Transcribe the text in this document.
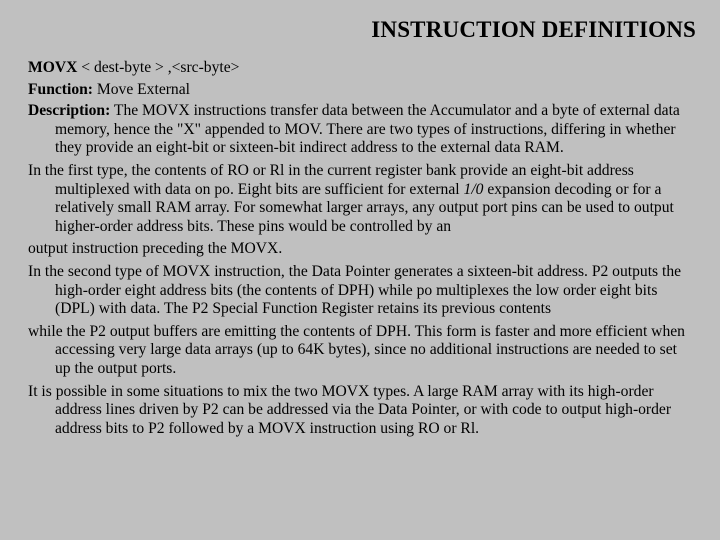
INSTRUCTION DEFINITIONS

MOVX < dest-byte > ,<src-byte>

Function: Move External

Description: The MOVX instructions transfer data between the Accumulator and a byte of external data memory, hence the "X" appended to MOV. There are two types of instructions, differing in whether they provide an eight-bit or sixteen-bit indirect address to the external data RAM.

In the first type, the contents of RO or Rl in the current register bank provide an eight-bit address multiplexed with data on po. Eight bits are sufficient for external 1/0 expansion decoding or for a relatively small RAM array. For somewhat larger arrays, any output port pins can be used to output higher-order address bits. These pins would be controlled by an

output instruction preceding the MOVX.

In the second type of MOVX instruction, the Data Pointer generates a sixteen-bit address. P2 outputs the high-order eight address bits (the contents of DPH) while po multiplexes the low order eight bits (DPL) with data. The P2 Special Function Register retains its previous contents

while the P2 output buffers are emitting the contents of DPH. This form is faster and more efficient when accessing very large data arrays (up to 64K bytes), since no additional instructions are needed to set up the output ports.

It is possible in some situations to mix the two MOVX types. A large RAM array with its high-order address lines driven by P2 can be addressed via the Data Pointer, or with code to output high-order address bits to P2 followed by a MOVX instruction using RO or Rl.
